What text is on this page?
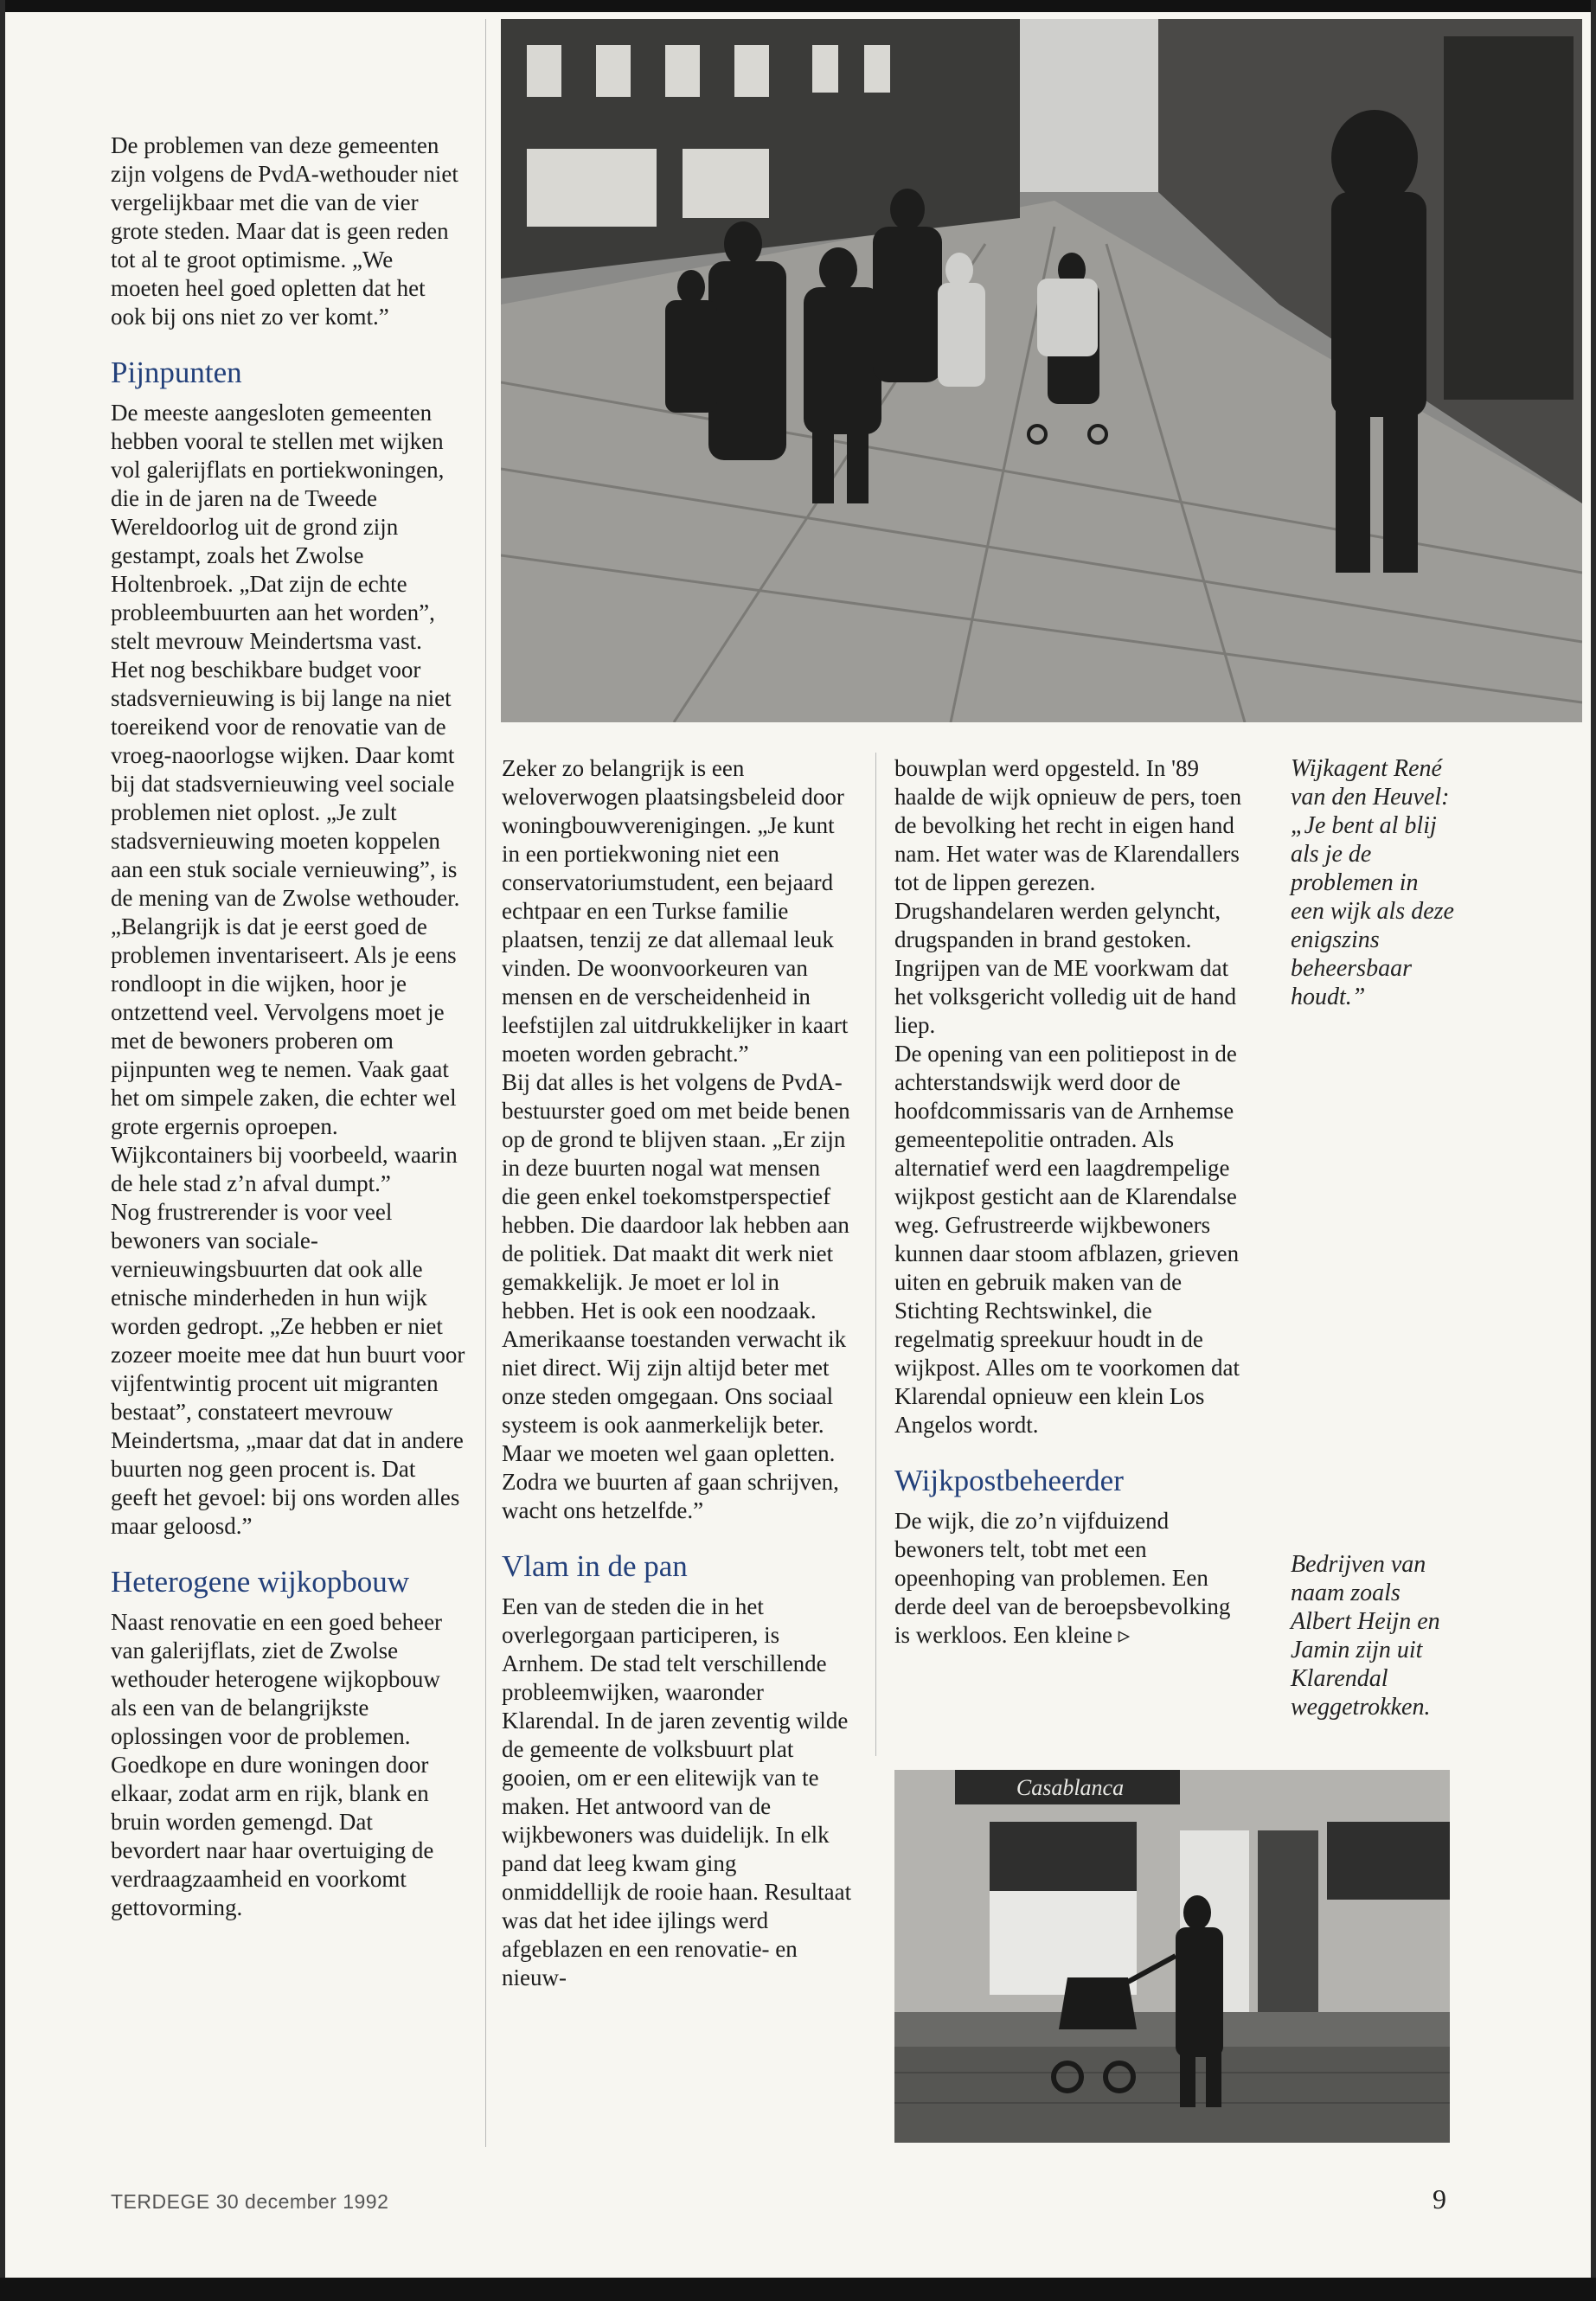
Casablanca

De problemen van deze gemeenten zijn volgens de PvdA-wethouder niet vergelijkbaar met die van de vier grote steden. Maar dat is geen reden tot al te groot optimisme. „We moeten heel goed opletten dat het ook bij ons niet zo ver komt.”

Pijnpunten

De meeste aangesloten gemeenten hebben vooral te stellen met wijken vol galerijflats en portiekwoningen, die in de jaren na de Tweede Wereldoorlog uit de grond zijn gestampt, zoals het Zwolse Holtenbroek. „Dat zijn de echte probleembuurten aan het worden”, stelt mevrouw Meindertsma vast.

Het nog beschikbare budget voor stadsvernieuwing is bij lange na niet toereikend voor de renovatie van de vroeg-naoorlogse wijken. Daar komt bij dat stadsvernieuwing veel sociale problemen niet oplost. „Je zult stadsvernieuwing moeten koppelen aan een stuk sociale vernieuwing”, is de mening van de Zwolse wethouder. „Belangrijk is dat je eerst goed de problemen inventariseert. Als je eens rondloopt in die wijken, hoor je ontzettend veel. Vervolgens moet je met de bewoners proberen om pijnpunten weg te nemen. Vaak gaat het om simpele zaken, die echter wel grote ergernis oproepen. Wijkcontainers bij voorbeeld, waarin de hele stad z’n afval dumpt.”

Nog frustrerender is voor veel bewoners van sociale-vernieuwingsbuurten dat ook alle etnische minderheden in hun wijk worden gedropt. „Ze hebben er niet zozeer moeite mee dat hun buurt voor vijfentwintig procent uit migranten bestaat”, constateert mevrouw Meindertsma, „maar dat dat in andere buurten nog geen procent is. Dat geeft het gevoel: bij ons worden alles maar geloosd.”

Heterogene wijkopbouw

Naast renovatie en een goed beheer van galerijflats, ziet de Zwolse wethouder heterogene wijkopbouw als een van de belangrijkste oplossingen voor de problemen. Goedkope en dure woningen door elkaar, zodat arm en rijk, blank en bruin worden gemengd. Dat bevordert naar haar overtuiging de verdraagzaamheid en voorkomt gettovorming.

Zeker zo belangrijk is een weloverwogen plaatsingsbeleid door woningbouwverenigingen. „Je kunt in een portiekwoning niet een conservatoriumstudent, een bejaard echtpaar en een Turkse familie plaatsen, tenzij ze dat allemaal leuk vinden. De woonvoorkeuren van mensen en de verscheidenheid in leefstijlen zal uitdrukkelijker in kaart moeten worden gebracht.”

Bij dat alles is het volgens de PvdA-bestuurster goed om met beide benen op de grond te blijven staan. „Er zijn in deze buurten nogal wat mensen die geen enkel toekomstperspectief hebben. Die daardoor lak hebben aan de politiek. Dat maakt dit werk niet gemakkelijk. Je moet er lol in hebben. Het is ook een noodzaak. Amerikaanse toestanden verwacht ik niet direct. Wij zijn altijd beter met onze steden omgegaan. Ons sociaal systeem is ook aanmerkelijk beter. Maar we moeten wel gaan opletten. Zodra we buurten af gaan schrijven, wacht ons hetzelfde.”

Vlam in de pan

Een van de steden die in het overlegorgaan participeren, is Arnhem. De stad telt verschillende probleemwijken, waaronder Klarendal. In de jaren zeventig wilde de gemeente de volksbuurt plat gooien, om er een elitewijk van te maken. Het antwoord van de wijkbewoners was duidelijk. In elk pand dat leeg kwam ging onmiddellijk de rooie haan. Resultaat was dat het idee ijlings werd afgeblazen en een renovatie- en nieuw-

bouwplan werd opgesteld. In '89 haalde de wijk opnieuw de pers, toen de bevolking het recht in eigen hand nam. Het water was de Klarendallers tot de lippen gerezen. Drugshandelaren werden gelyncht, drugspanden in brand gestoken. Ingrijpen van de ME voorkwam dat het volksgericht volledig uit de hand liep.

De opening van een politiepost in de achterstandswijk werd door de hoofdcommissaris van de Arnhemse gemeentepolitie ontraden. Als alternatief werd een laagdrempelige wijkpost gesticht aan de Klarendalse weg. Gefrustreerde wijkbewoners kunnen daar stoom afblazen, grieven uiten en gebruik maken van de Stichting Rechtswinkel, die regelmatig spreekuur houdt in de wijkpost. Alles om te voorkomen dat Klarendal opnieuw een klein Los Angelos wordt.

Wijkpostbeheerder

De wijk, die zo’n vijfduizend bewoners telt, tobt met een opeenhoping van problemen. Een derde deel van de beroepsbevolking is werkloos. Een kleine ▹

Wijkagent René van den Heuvel: „Je bent al blij als je de problemen in een wijk als deze enigszins beheersbaar houdt.”
Bedrijven van naam zoals Albert Heijn en Jamin zijn uit Klarendal weggetrokken.
TERDEGE 30 december 1992	9
